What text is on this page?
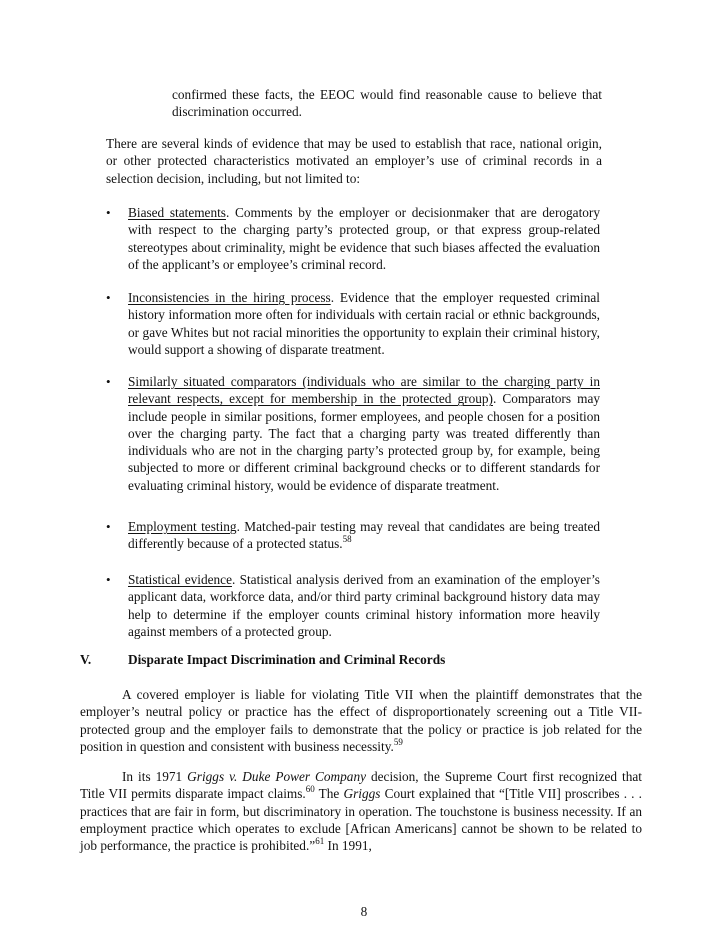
confirmed these facts, the EEOC would find reasonable cause to believe that discrimination occurred.

There are several kinds of evidence that may be used to establish that race, national origin, or other protected characteristics motivated an employer’s use of criminal records in a selection decision, including, but not limited to:

•	Biased statements. Comments by the employer or decisionmaker that are derogatory with respect to the charging party’s protected group, or that express group-related stereotypes about criminality, might be evidence that such biases affected the evaluation of the applicant’s or employee’s criminal record.
•	Inconsistencies in the hiring process. Evidence that the employer requested criminal history information more often for individuals with certain racial or ethnic backgrounds, or gave Whites but not racial minorities the opportunity to explain their criminal history, would support a showing of disparate treatment.
•	Similarly situated comparators (individuals who are similar to the charging party in relevant respects, except for membership in the protected group). Comparators may include people in similar positions, former employees, and people chosen for a position over the charging party. The fact that a charging party was treated differently than individuals who are not in the charging party’s protected group by, for example, being subjected to more or different criminal background checks or to different standards for evaluating criminal history, would be evidence of disparate treatment.
•	Employment testing. Matched-pair testing may reveal that candidates are being treated differently because of a protected status.$^{58}$
•	Statistical evidence. Statistical analysis derived from an examination of the employer’s applicant data, workforce data, and/or third party criminal background history data may help to determine if the employer counts criminal history information more heavily against members of a protected group.
V.	Disparate Impact Discrimination and Criminal Records

A covered employer is liable for violating Title VII when the plaintiff demonstrates that the employer’s neutral policy or practice has the effect of disproportionately screening out a Title VII-protected group and the employer fails to demonstrate that the policy or practice is job related for the position in question and consistent with business necessity.$^{59}$

In its 1971 Griggs v. Duke Power Company decision, the Supreme Court first recognized that Title VII permits disparate impact claims.$^{60}$ The Griggs Court explained that “[Title VII] proscribes . . . practices that are fair in form, but discriminatory in operation. The touchstone is business necessity. If an employment practice which operates to exclude [African Americans] cannot be shown to be related to job performance, the practice is prohibited.”$^{61}$ In 1991,

8
